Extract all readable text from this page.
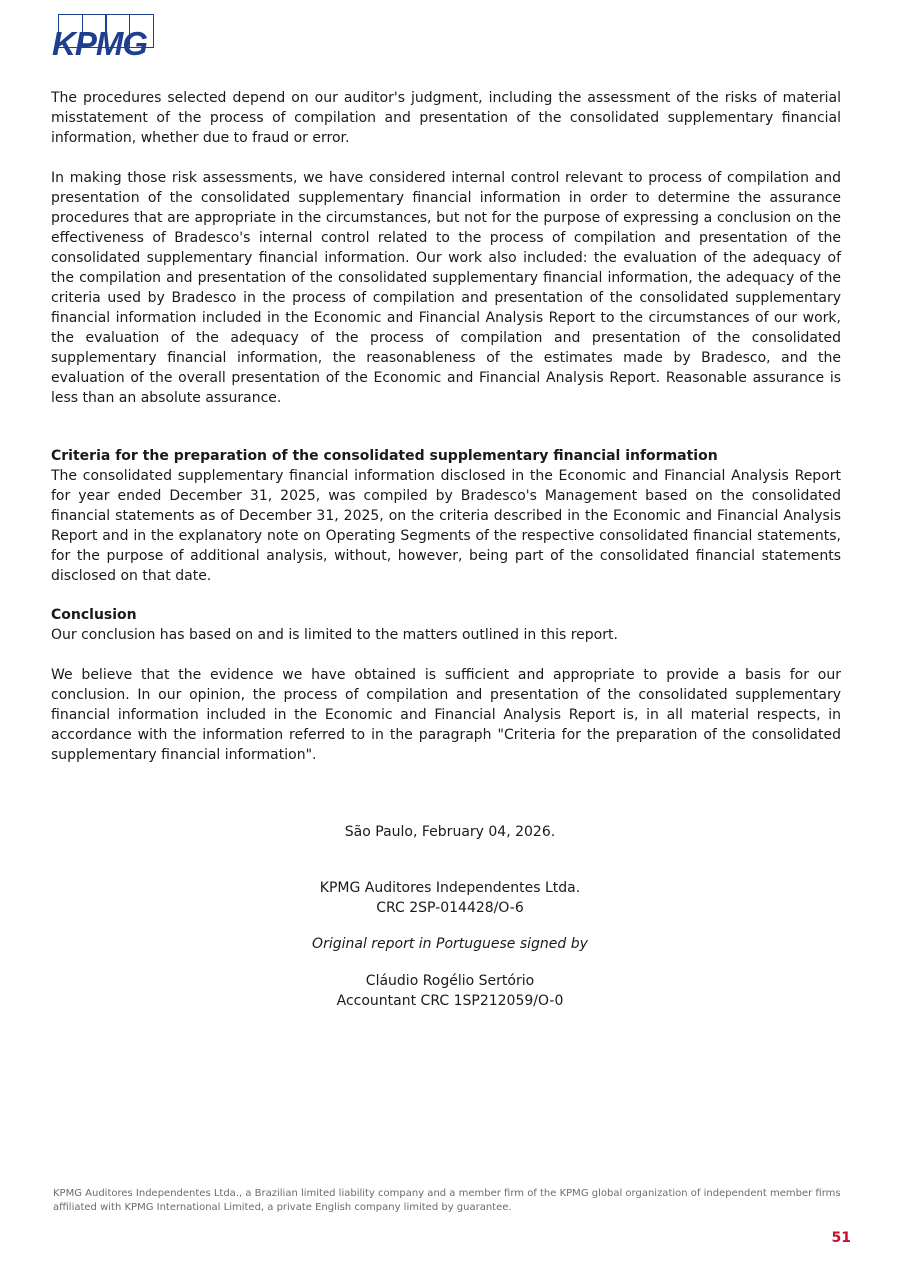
KPMG

The procedures selected depend on our auditor's judgment, including the assessment of the risks of material misstatement of the process of compilation and presentation of the consolidated supplementary financial information, whether due to fraud or error.

In making those risk assessments, we have considered internal control relevant to process of compilation and presentation of the consolidated supplementary financial information in order to determine the assurance procedures that are appropriate in the circumstances, but not for the purpose of expressing a conclusion on the effectiveness of Bradesco's internal control related to the process of compilation and presentation of the consolidated supplementary financial information. Our work also included: the evaluation of the adequacy of the compilation and presentation of the consolidated supplementary financial information, the adequacy of the criteria used by Bradesco in the process of compilation and presentation of the consolidated supplementary financial information included in the Economic and Financial Analysis Report to the circumstances of our work, the evaluation of the adequacy of the process of compilation and presentation of the consolidated supplementary financial information, the reasonableness of the estimates made by Bradesco, and the evaluation of the overall presentation of the Economic and Financial Analysis Report. Reasonable assurance is less than an absolute assurance.

Criteria for the preparation of the consolidated supplementary financial information

The consolidated supplementary financial information disclosed in the Economic and Financial Analysis Report for year ended December 31, 2025, was compiled by Bradesco's Management based on the consolidated financial statements as of December 31, 2025, on the criteria described in the Economic and Financial Analysis Report and in the explanatory note on Operating Segments of the respective consolidated financial statements, for the purpose of additional analysis, without, however, being part of the consolidated financial statements disclosed on that date.

Conclusion

Our conclusion has based on and is limited to the matters outlined in this report.

We believe that the evidence we have obtained is sufficient and appropriate to provide a basis for our conclusion. In our opinion, the process of compilation and presentation of the consolidated supplementary financial information included in the Economic and Financial Analysis Report is, in all material respects, in accordance with the information referred to in the paragraph "Criteria for the preparation of the consolidated supplementary financial information".

São Paulo, February 04, 2026.

KPMG Auditores Independentes Ltda.

CRC 2SP-014428/O-6

Original report in Portuguese signed by

Cláudio Rogélio Sertório

Accountant CRC 1SP212059/O-0

KPMG Auditores Independentes Ltda., a Brazilian limited liability company and a member firm of the KPMG global organization of independent member firms affiliated with KPMG International Limited, a private English company limited by guarantee.

51
